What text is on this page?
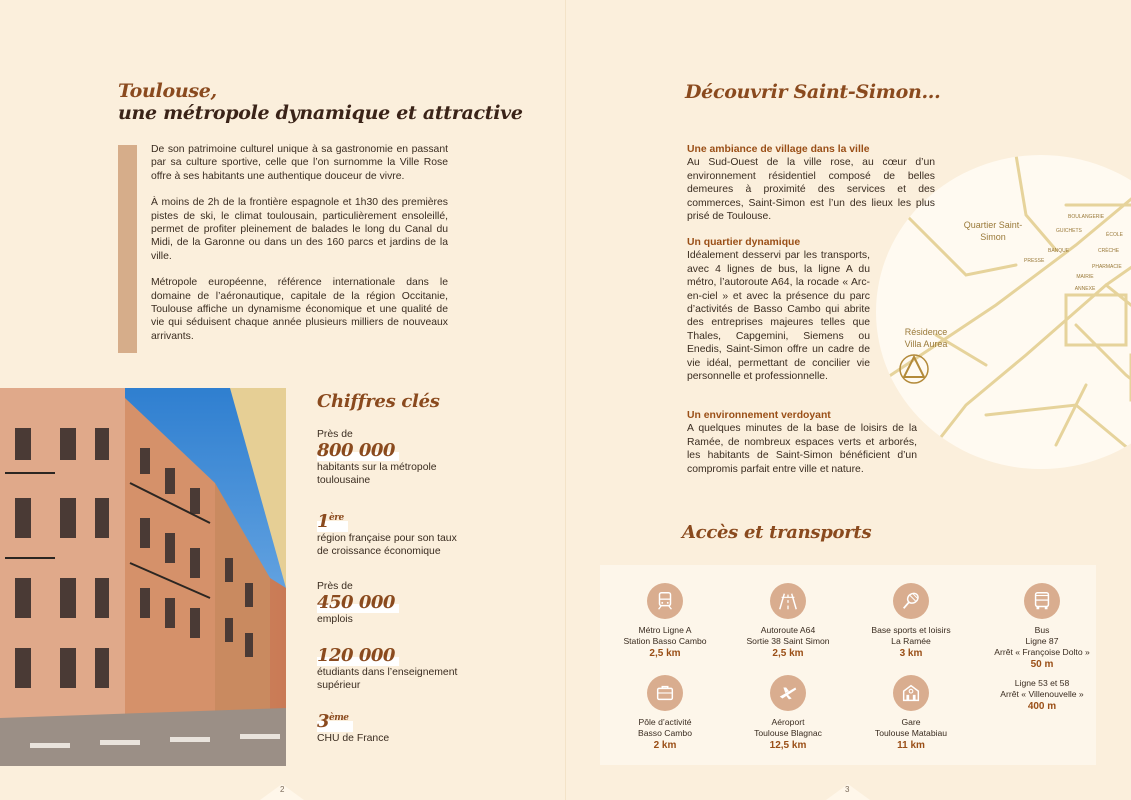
Toulouse,
une métropole dynamique et attractive

De son patrimoine culturel unique à sa gastronomie en passant par sa culture sportive, celle que l’on surnomme la Ville Rose offre à ses habitants une authentique douceur de vivre.

À moins de 2h de la frontière espagnole et 1h30 des premières pistes de ski, le climat toulousain, particulièrement ensoleillé, permet de profiter pleinement de balades le long du Canal du Midi, de la Garonne ou dans un des 160 parcs et jardins de la ville.

Métropole européenne, référence internationale dans le domaine de l’aéronautique, capitale de la région Occitanie, Toulouse affiche un dynamisme économique et une qualité de vie qui séduisent chaque année plusieurs milliers de nouveaux arrivants.

Chiffres clés
Près de
800 000
habitants sur la métropole toulousaine
1ère
région française pour son taux de croissance économique
Près de
450 000
emplois
120 000
étudiants dans l’enseignement supérieur
3ème
CHU de France
2
Découvrir Saint-Simon...
Quartier Saint-Simon
Résidence Villa Aurea
BOULANGERIE
GUICHETS
BANQUE
ÉCOLE
PRESSE
CRÈCHE
MAIRIE ANNEXE
PHARMACIE
Une ambiance de village dans la ville

Au Sud-Ouest de la ville rose, au cœur d’un environnement résidentiel composé de belles demeures à proximité des services et des commerces, Saint-Simon est l’un des lieux les plus prisé de Toulouse.

Un quartier dynamique

Idéalement desservi par les transports, avec 4 lignes de bus, la ligne A du métro, l’autoroute A64, la rocade « Arc-en-ciel » et avec la présence du parc d’activités de Basso Cambo qui abrite des entreprises majeures telles que Thales, Capgemini, Siemens ou Enedis, Saint-Simon offre un cadre de vie idéal, permettant de concilier vie personnelle et professionnelle.

Un environnement verdoyant

A quelques minutes de la base de loisirs de la Ramée, de nombreux espaces verts et arborés, les habitants de Saint-Simon bénéficient d’un compromis parfait entre ville et nature.

Accès et transports
Métro Ligne A
Station Basso Cambo
2,5 km
Autoroute A64
Sortie 38 Saint Simon
2,5 km
Base sports et loisirs
La Ramée
3 km
Bus
Ligne 87
Arrêt « Françoise Dolto »
50 m
Ligne 53 et 58
Arrêt « Villenouvelle »
400 m
Pôle d’activité
Basso Cambo
2 km
Aéroport
Toulouse Blagnac
12,5 km
Gare
Toulouse Matabiau
11 km
3
